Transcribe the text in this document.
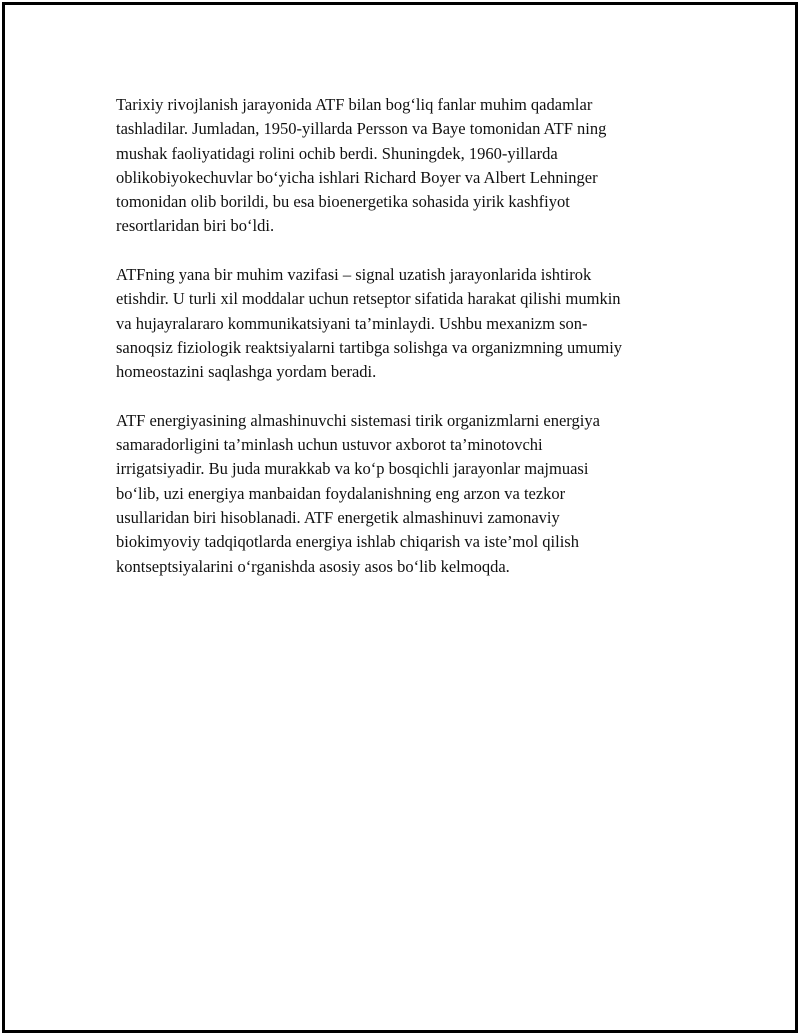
Tarixiy rivojlanish jarayonida ATF bilan bog‘liq fanlar muhim qadamlar
tashladilar. Jumladan, 1950-yillarda Persson va Baye tomonidan ATF ning
mushak faoliyatidagi rolini ochib berdi. Shuningdek, 1960-yillarda
oblikobiyokechuvlar bo‘yicha ishlari Richard Boyer va Albert Lehninger
tomonidan olib borildi, bu esa bioenergetika sohasida yirik kashfiyot
resortlaridan biri bo‘ldi.

ATFning yana bir muhim vazifasi – signal uzatish jarayonlarida ishtirok
etishdir. U turli xil moddalar uchun retseptor sifatida harakat qilishi mumkin
va hujayralararo kommunikatsiyani ta’minlaydi. Ushbu mexanizm son-
sanoqsiz fiziologik reaktsiyalarni tartibga solishga va organizmning umumiy
homeostazini saqlashga yordam beradi.

ATF energiyasining almashinuvchi sistemasi tirik organizmlarni energiya
samaradorligini ta’minlash uchun ustuvor axborot ta’minotovchi
irrigatsiyadir. Bu juda murakkab va ko‘p bosqichli jarayonlar majmuasi
bo‘lib, uzi energiya manbaidan foydalanishning eng arzon va tezkor
usullaridan biri hisoblanadi. ATF energetik almashinuvi zamonaviy
biokimyoviy tadqiqotlarda energiya ishlab chiqarish va iste’mol qilish
kontseptsiyalarini o‘rganishda asosiy asos bo‘lib kelmoqda.
